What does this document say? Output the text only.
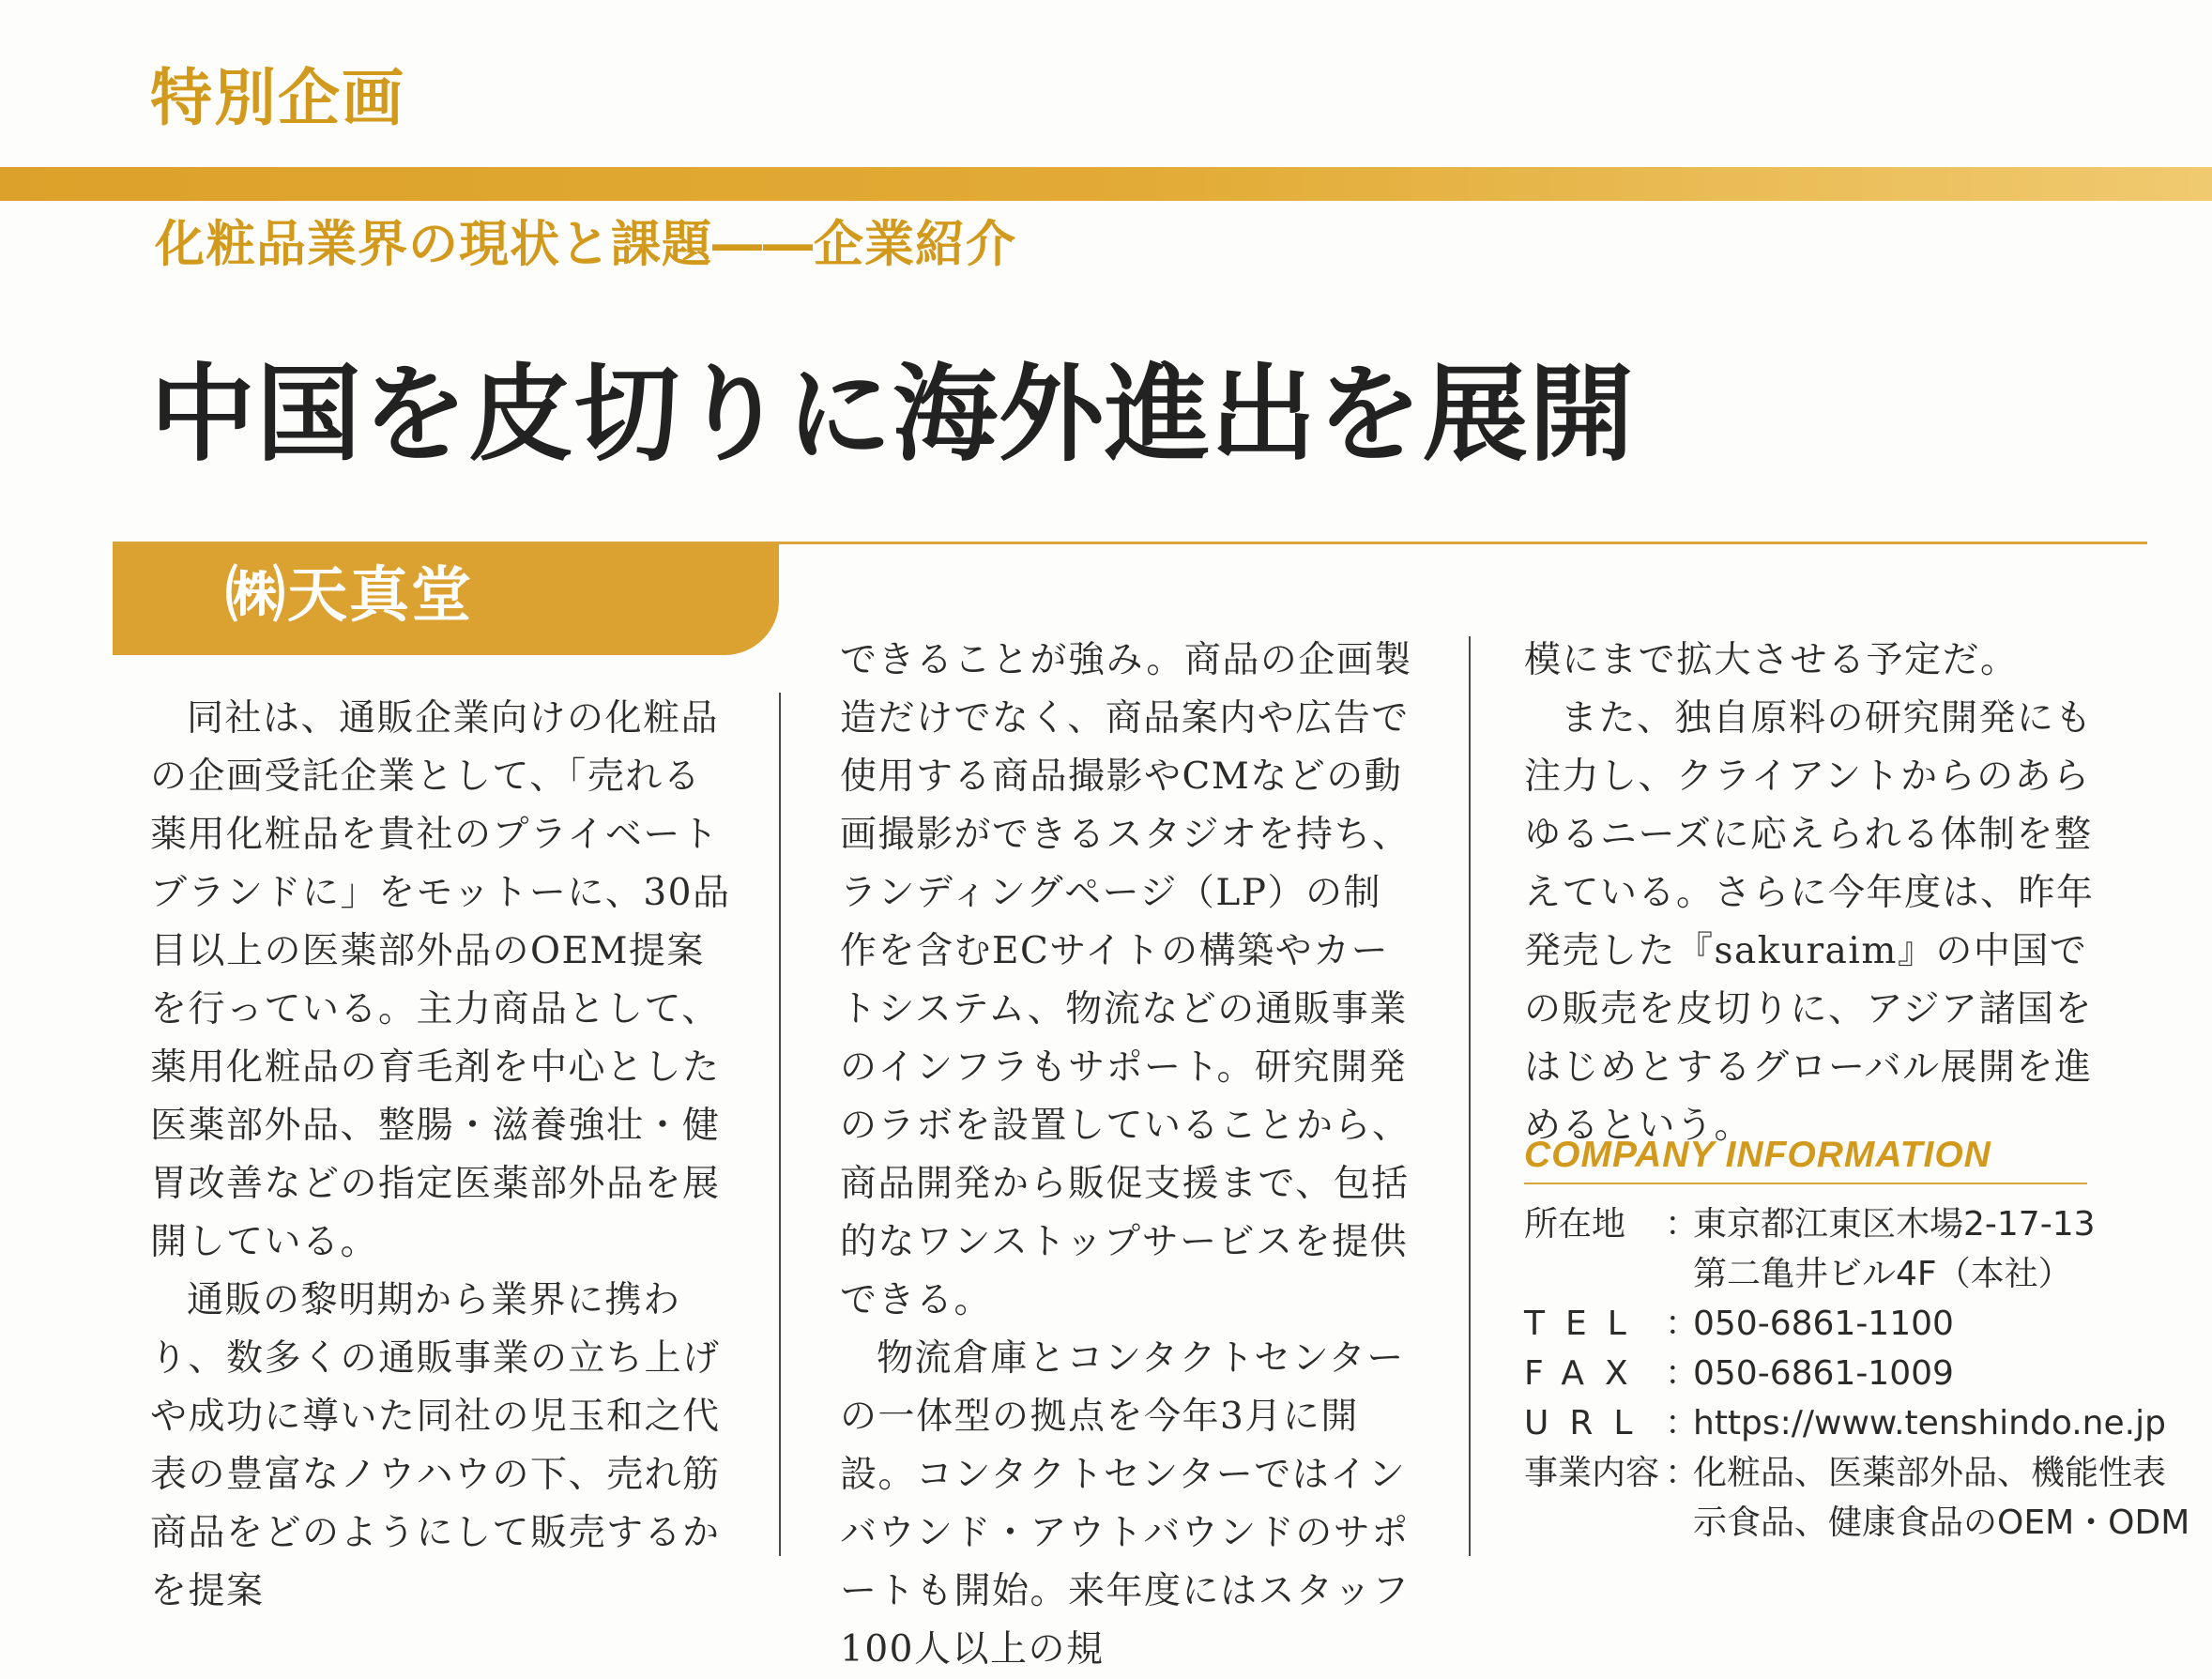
特別企画
化粧品業界の現状と課題――企業紹介
中国を皮切りに海外進出を展開
㈱天真堂

同社は、通販企業向けの化粧品の企画受託企業として、「売れる薬用化粧品を貴社のプライベートブランドに」をモットーに、30品目以上の医薬部外品のOEM提案を行っている。主力商品として、薬用化粧品の育毛剤を中心とした医薬部外品、整腸・滋養強壮・健胃改善などの指定医薬部外品を展開している。

通販の黎明期から業界に携わり、数多くの通販事業の立ち上げや成功に導いた同社の児玉和之代表の豊富なノウハウの下、売れ筋商品をどのようにして販売するかを提案

できることが強み。商品の企画製造だけでなく、商品案内や広告で使用する商品撮影やCMなどの動画撮影ができるスタジオを持ち、ランディングページ（LP）の制作を含むECサイトの構築やカートシステム、物流などの通販事業のインフラもサポート。研究開発のラボを設置していることから、商品開発から販促支援まで、包括的なワンストップサービスを提供できる。

物流倉庫とコンタクトセンターの一体型の拠点を今年3月に開設。コンタクトセンターではインバウンド・アウトバウンドのサポートも開始。来年度にはスタッフ100人以上の規

模にまで拡大させる予定だ。

また、独自原料の研究開発にも注力し、クライアントからのあらゆるニーズに応えられる体制を整えている。さらに今年度は、昨年発売した『sakuraim』の中国での販売を皮切りに、アジア諸国をはじめとするグローバル展開を進めるという。

COMPANY INFORMATION
所在地	：
東京都江東区木場2-17-13
第二亀井ビル4F（本社）
TEL ：
050-6861-1100
FAX ：
050-6861-1009
URL ：
https://www.tenshindo.ne.jp
事業内容 ：
化粧品、医薬部外品、機能性表
示食品、健康食品のOEM・ODM
